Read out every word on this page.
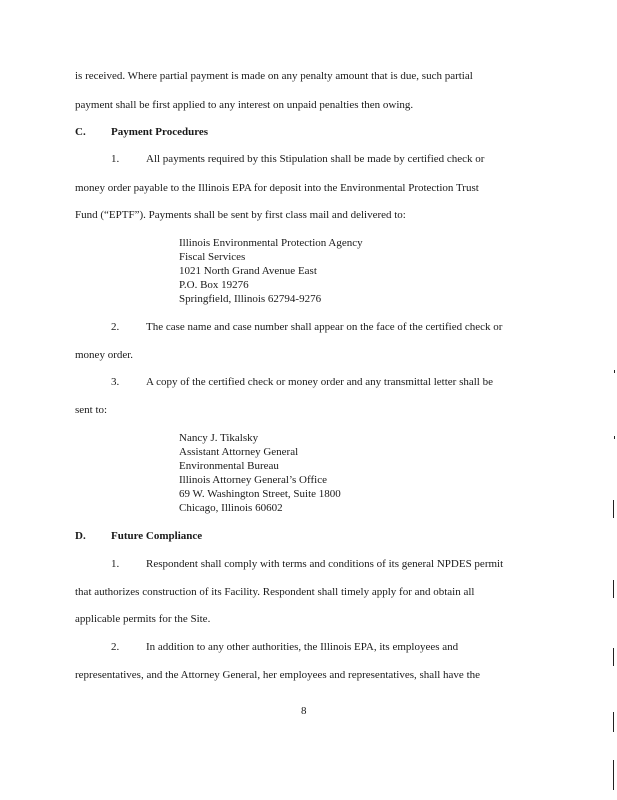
is received. Where partial payment is made on any penalty amount that is due, such partial
payment shall be first applied to any interest on unpaid penalties then owing.
C. Payment Procedures
1. All payments required by this Stipulation shall be made by certified check or
money order payable to the Illinois EPA for deposit into the Environmental Protection Trust
Fund (“EPTF”). Payments shall be sent by first class mail and delivered to:
Illinois Environmental Protection Agency
Fiscal Services
1021 North Grand Avenue East
P.O. Box 19276
Springfield, Illinois 62794-9276
2. The case name and case number shall appear on the face of the certified check or
money order.
3. A copy of the certified check or money order and any transmittal letter shall be
sent to:
Nancy J. Tikalsky
Assistant Attorney General
Environmental Bureau
Illinois Attorney General’s Office
69 W. Washington Street, Suite 1800
Chicago, Illinois 60602
D. Future Compliance
1. Respondent shall comply with terms and conditions of its general NPDES permit
that authorizes construction of its Facility. Respondent shall timely apply for and obtain all
applicable permits for the Site.
2. In addition to any other authorities, the Illinois EPA, its employees and
representatives, and the Attorney General, her employees and representatives, shall have the
8
